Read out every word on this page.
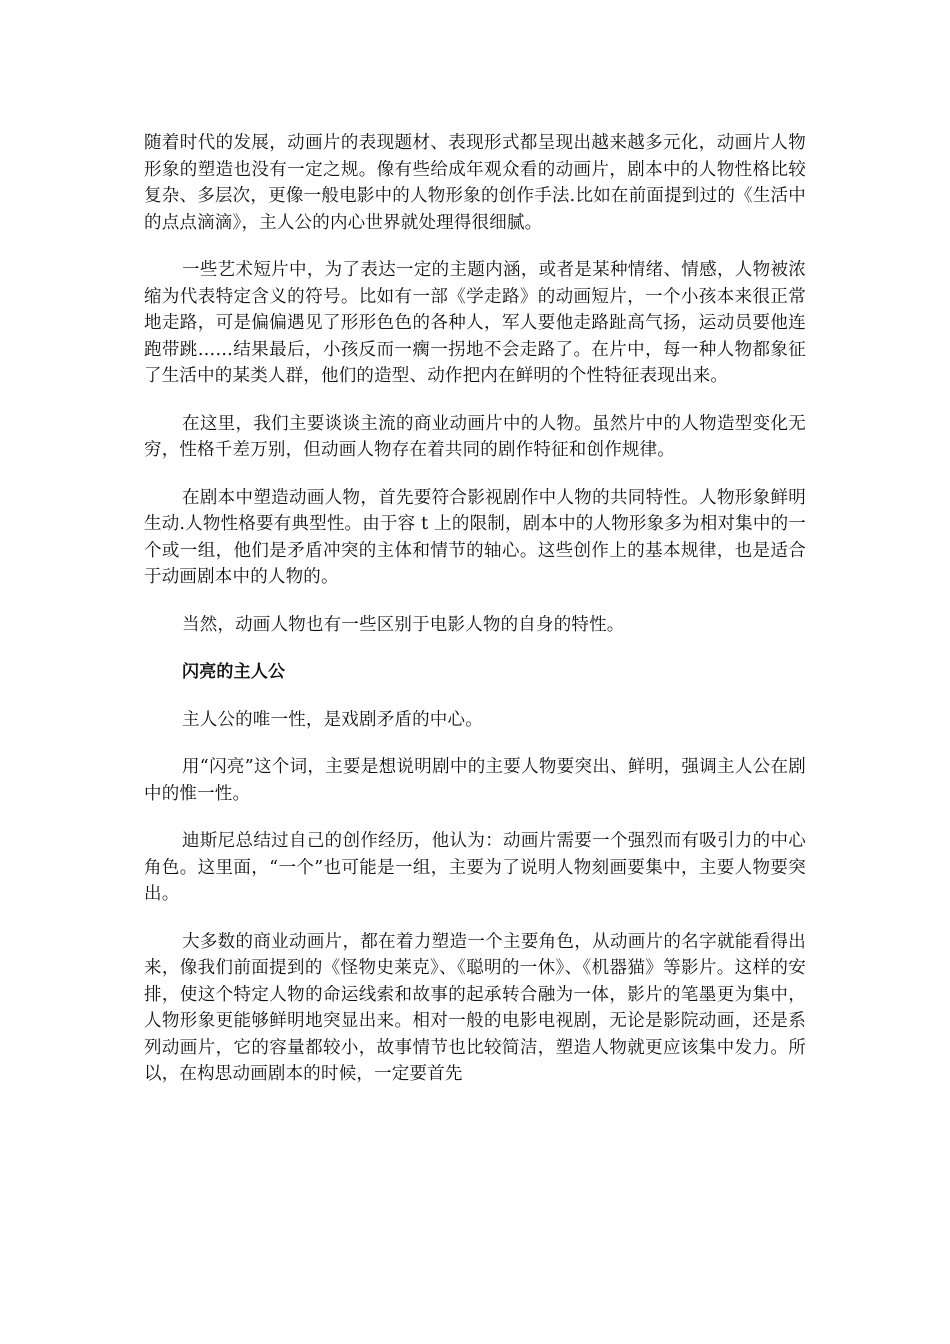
随着时代的发展，动画片的表现题材、表现形式都呈现出越来越多元化，动画片人物形象的塑造也没有一定之规。像有些给成年观众看的动画片，剧本中的人物性格比较复杂、多层次，更像一般电影中的人物形象的创作手法.比如在前面提到过的《生活中的点点滴滴》，主人公的内心世界就处理得很细腻。

一些艺术短片中，为了表达一定的主题内涵，或者是某种情绪、情感，人物被浓缩为代表特定含义的符号。比如有一部《学走路》的动画短片，一个小孩本来很正常地走路，可是偏偏遇见了形形色色的各种人，军人要他走路趾高气扬，运动员要他连跑带跳……结果最后，小孩反而一瘸一拐地不会走路了。在片中，每一种人物都象征了生活中的某类人群，他们的造型、动作把内在鲜明的个性特征表现出来。

在这里，我们主要谈谈主流的商业动画片中的人物。虽然片中的人物造型变化无穷，性格千差万别，但动画人物存在着共同的剧作特征和创作规律。

在剧本中塑造动画人物，首先要符合影视剧作中人物的共同特性。人物形象鲜明生动.人物性格要有典型性。由于容 t 上的限制，剧本中的人物形象多为相对集中的一个或一组，他们是矛盾冲突的主体和情节的轴心。这些创作上的基本规律，也是适合于动画剧本中的人物的。

当然，动画人物也有一些区别于电影人物的自身的特性。

闪亮的主人公

主人公的唯一性，是戏剧矛盾的中心。

用“闪亮”这个词，主要是想说明剧中的主要人物要突出、鲜明，强调主人公在剧中的惟一性。

迪斯尼总结过自己的创作经历，他认为：动画片需要一个强烈而有吸引力的中心角色。这里面，“一个”也可能是一组，主要为了说明人物刻画要集中，主要人物要突出。

大多数的商业动画片，都在着力塑造一个主要角色，从动画片的名字就能看得出来，像我们前面提到的《怪物史莱克》、《聪明的一休》、《机器猫》等影片。这样的安排，使这个特定人物的命运线索和故事的起承转合融为一体，影片的笔墨更为集中，人物形象更能够鲜明地突显出来。相对一般的电影电视剧，无论是影院动画，还是系列动画片，它的容量都较小，故事情节也比较简洁，塑造人物就更应该集中发力。所以，在构思动画剧本的时候，一定要首先
